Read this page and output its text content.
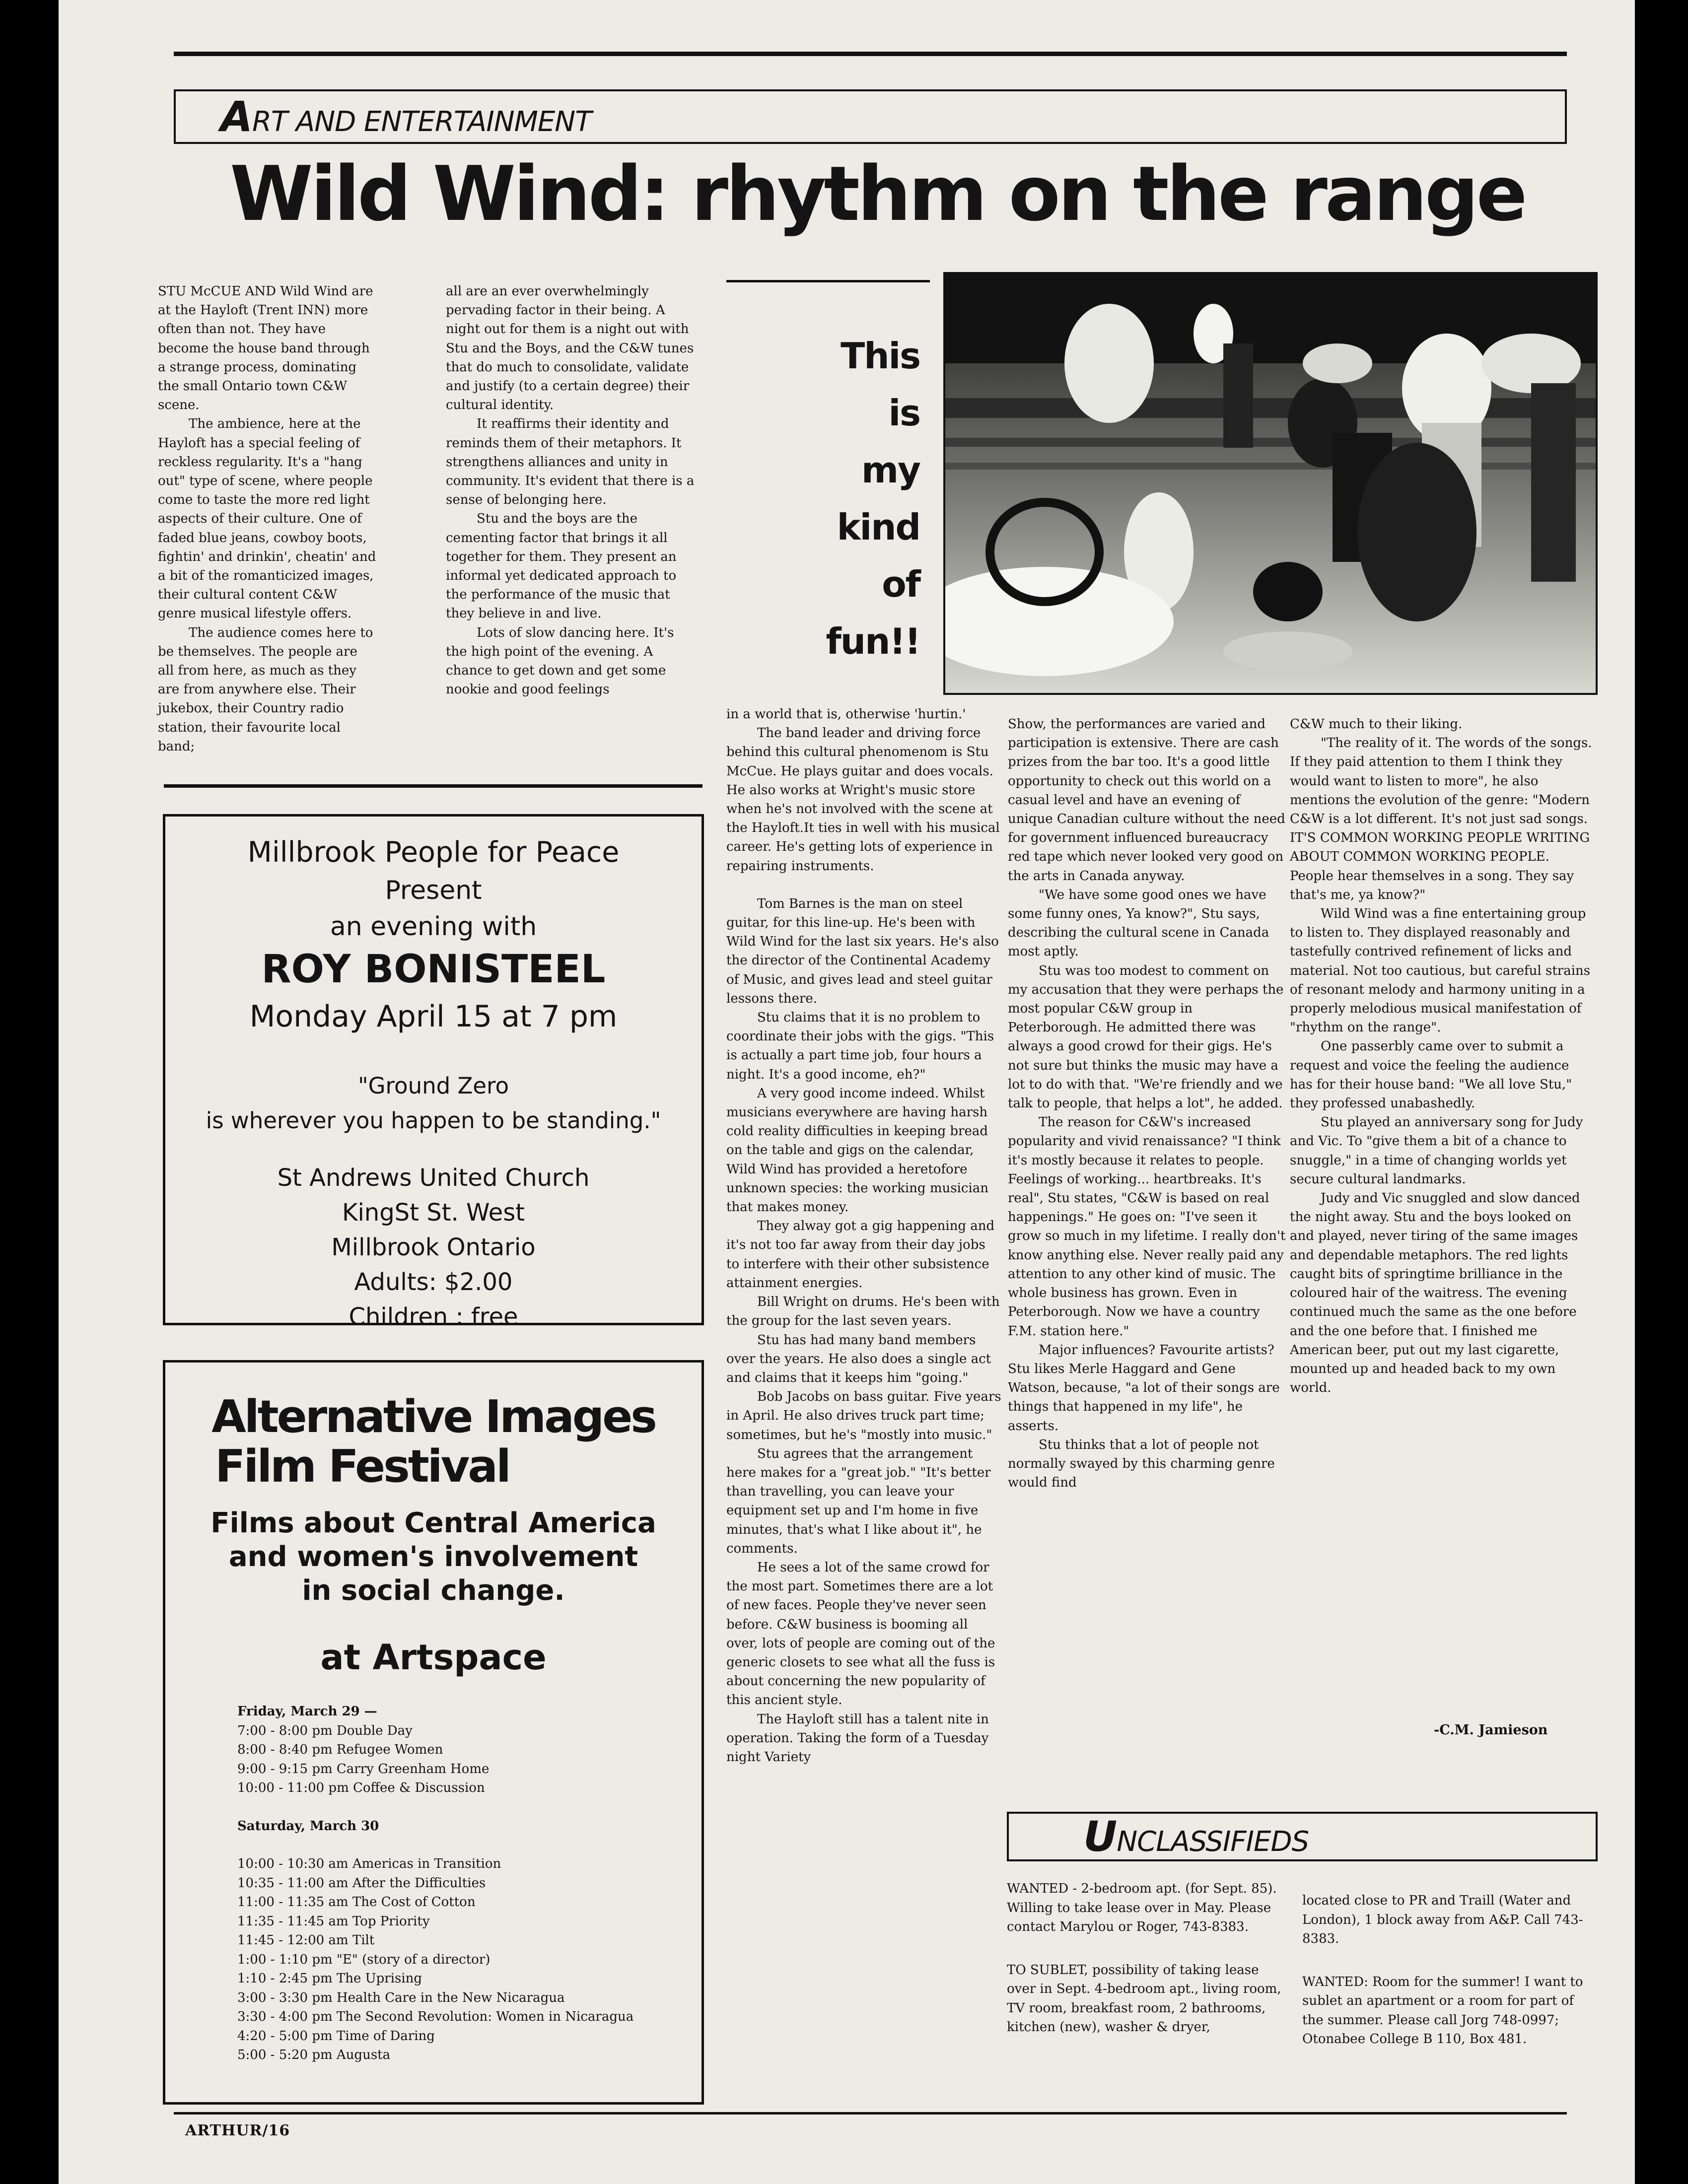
ART AND ENTERTAINMENT
Wild Wind: rhythm on the range

STU McCUE AND Wild Wind are at the Hayloft (Trent INN) more often than not. They have become the house band through a strange process, dominating the small Ontario town C&W scene.

The ambience, here at the Hayloft has a special feeling of reckless regularity. It's a "hang out" type of scene, where people come to taste the more red light aspects of their culture. One of faded blue jeans, cowboy boots, fightin' and drinkin', cheatin' and a bit of the romanticized images, their cultural content C&W genre musical lifestyle offers.

The audience comes here to be themselves. The people are all from here, as much as they are from anywhere else. Their jukebox, their Country radio station, their favourite local band;

all are an ever overwhelmingly pervading factor in their being. A night out for them is a night out with Stu and the Boys, and the C&W tunes that do much to consolidate, validate and justify (to a certain degree) their cultural identity.

It reaffirms their identity and reminds them of their metaphors. It strengthens alliances and unity in community. It's evident that there is a sense of belonging here.

Stu and the boys are the cementing factor that brings it all together for them. They present an informal yet dedicated approach to the performance of the music that they believe in and live.

Lots of slow dancing here. It's the high point of the evening. A chance to get down and get some nookie and good feelings

This
is
my
kind
of
fun!!

in a world that is, otherwise 'hurtin.'

The band leader and driving force behind this cultural phenomenom is Stu McCue. He plays guitar and does vocals. He also works at Wright's music store when he's not involved with the scene at the Hayloft.It ties in well with his musical career. He's getting lots of experience in repairing instruments.

Tom Barnes is the man on steel guitar, for this line-up. He's been with Wild Wind for the last six years. He's also the director of the Continental Academy of Music, and gives lead and steel guitar lessons there.

Stu claims that it is no problem to coordinate their jobs with the gigs. "This is actually a part time job, four hours a night. It's a good income, eh?"

A very good income indeed. Whilst musicians everywhere are having harsh cold reality difficulties in keeping bread on the table and gigs on the calendar, Wild Wind has provided a heretofore unknown species: the working musician that makes money.

They alway got a gig happening and it's not too far away from their day jobs to interfere with their other subsistence attainment energies.

Bill Wright on drums. He's been with the group for the last seven years.

Stu has had many band members over the years. He also does a single act and claims that it keeps him "going."

Bob Jacobs on bass guitar. Five years in April. He also drives truck part time; sometimes, but he's "mostly into music."

Stu agrees that the arrangement here makes for a "great job." "It's better than travelling, you can leave your equipment set up and I'm home in five minutes, that's what I like about it", he comments.

He sees a lot of the same crowd for the most part. Sometimes there are a lot of new faces. People they've never seen before. C&W business is booming all over, lots of people are coming out of the generic closets to see what all the fuss is about concerning the new popularity of this ancient style.

The Hayloft still has a talent nite in operation. Taking the form of a Tuesday night Variety

Show, the performances are varied and participation is extensive. There are cash prizes from the bar too. It's a good little opportunity to check out this world on a casual level and have an evening of unique Canadian culture without the need for government influenced bureaucracy red tape which never looked very good on the arts in Canada anyway.

"We have some good ones we have some funny ones, Ya know?", Stu says, describing the cultural scene in Canada most aptly.

Stu was too modest to comment on my accusation that they were perhaps the most popular C&W group in Peterborough. He admitted there was always a good crowd for their gigs. He's not sure but thinks the music may have a lot to do with that. "We're friendly and we talk to people, that helps a lot", he added.

The reason for C&W's increased popularity and vivid renaissance? "I think it's mostly because it relates to people. Feelings of working... heartbreaks. It's real", Stu states, "C&W is based on real happenings." He goes on: "I've seen it grow so much in my lifetime. I really don't know anything else. Never really paid any attention to any other kind of music. The whole business has grown. Even in Peterborough. Now we have a country F.M. station here."

Major influences? Favourite artists? Stu likes Merle Haggard and Gene Watson, because, "a lot of their songs are things that happened in my life", he asserts.

Stu thinks that a lot of people not normally swayed by this charming genre would find

C&W much to their liking.

"The reality of it. The words of the songs. If they paid attention to them I think they would want to listen to more", he also mentions the evolution of the genre: "Modern C&W is a lot different. It's not just sad songs. IT'S COMMON WORKING PEOPLE WRITING ABOUT COMMON WORKING PEOPLE. People hear themselves in a song. They say that's me, ya know?"

Wild Wind was a fine entertaining group to listen to. They displayed reasonably and tastefully contrived refinement of licks and material. Not too cautious, but careful strains of resonant melody and harmony uniting in a properly melodious musical manifestation of "rhythm on the range".

One passerbly came over to submit a request and voice the feeling the audience has for their house band: "We all love Stu," they professed unabashedly.

Stu played an anniversary song for Judy and Vic. To "give them a bit of a chance to snuggle," in a time of changing worlds yet secure cultural landmarks.

Judy and Vic snuggled and slow danced the night away. Stu and the boys looked on and played, never tiring of the same images and dependable metaphors. The red lights caught bits of springtime brilliance in the coloured hair of the waitress. The evening continued much the same as the one before and the one before that. I finished me American beer, put out my last cigarette, mounted up and headed back to my own world.

-C.M. Jamieson
Millbrook People for Peace
Present
an evening with
ROY BONISTEEL
Monday April 15 at 7 pm
"Ground Zero
is wherever you happen to be standing."
St Andrews United Church
KingSt St. West
Millbrook Ontario
Adults: $2.00
Children : free
Alternative Images
Film Festival
Films about Central America
and women's involvement
in social change.
at Artspace
Friday, March 29 —
7:00 - 8:00 pm Double Day
8:00 - 8:40 pm Refugee Women
9:00 - 9:15 pm Carry Greenham Home
10:00 - 11:00 pm Coffee & Discussion
Saturday, March 30
10:00 - 10:30 am Americas in Transition
10:35 - 11:00 am After the Difficulties
11:00 - 11:35 am The Cost of Cotton
11:35 - 11:45 am Top Priority
11:45 - 12:00 am Tilt
1:00 - 1:10 pm "E" (story of a director)
1:10 - 2:45 pm The Uprising
3:00 - 3:30 pm Health Care in the New Nicaragua
3:30 - 4:00 pm The Second Revolution: Women in Nicaragua
4:20 - 5:00 pm Time of Daring
5:00 - 5:20 pm Augusta
UNCLASSIFIEDS

WANTED - 2-bedroom apt. (for Sept. 85). Willing to take lease over in May. Please contact Marylou or Roger, 743-8383.

TO SUBLET, possibility of taking lease over in Sept. 4-bedroom apt., living room, TV room, breakfast room, 2 bathrooms, kitchen (new), washer & dryer,

located close to PR and Traill (Water and London), 1 block away from A&P. Call 743-8383.

WANTED: Room for the summer! I want to sublet an apartment or a room for part of the summer. Please call Jorg 748-0997; Otonabee College B 110, Box 481.

ARTHUR/16
